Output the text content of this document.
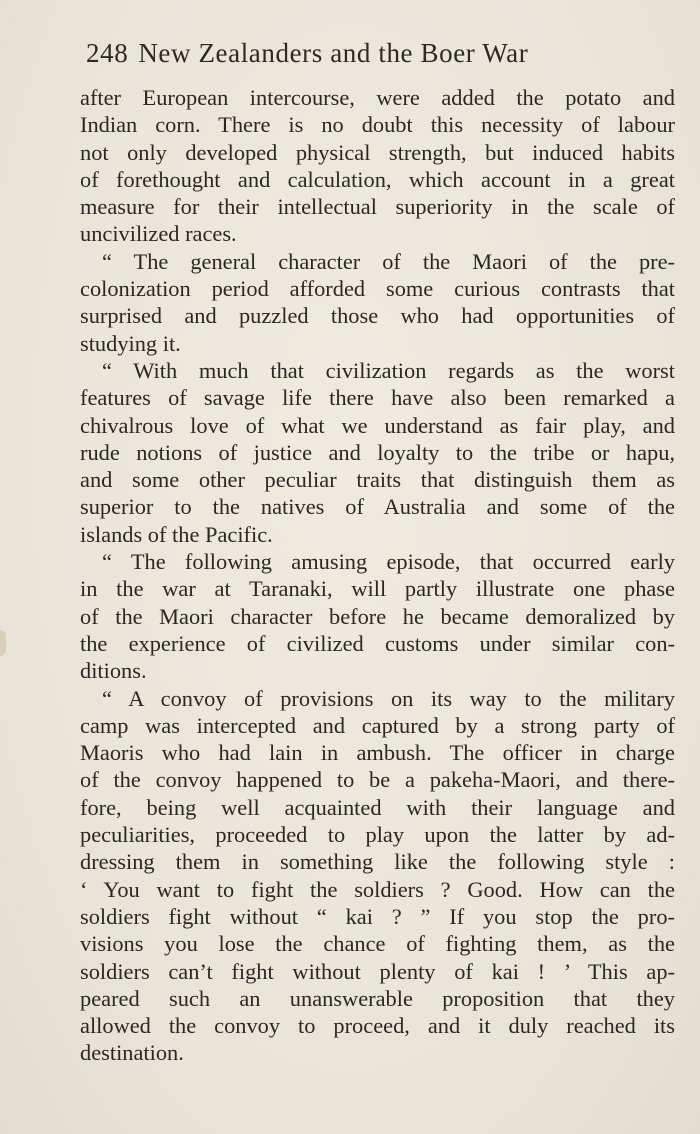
248 New Zealanders and the Boer War
after European intercourse, were added the potato and
Indian corn. There is no doubt this necessity of labour
not only developed physical strength, but induced habits
of forethought and calculation, which account in a great
measure for their intellectual superiority in the scale of
uncivilized races.
“ The general character of the Maori of the pre-
colonization period afforded some curious contrasts that
surprised and puzzled those who had opportunities of
studying it.
“ With much that civilization regards as the worst
features of savage life there have also been remarked a
chivalrous love of what we understand as fair play, and
rude notions of justice and loyalty to the tribe or hapu,
and some other peculiar traits that distinguish them as
superior to the natives of Australia and some of the
islands of the Pacific.
“ The following amusing episode, that occurred early
in the war at Taranaki, will partly illustrate one phase
of the Maori character before he became demoralized by
the experience of civilized customs under similar con-
ditions.
“ A convoy of provisions on its way to the military
camp was intercepted and captured by a strong party of
Maoris who had lain in ambush. The officer in charge
of the convoy happened to be a pakeha-Maori, and there-
fore, being well acquainted with their language and
peculiarities, proceeded to play upon the latter by ad-
dressing them in something like the following style :
‘ You want to fight the soldiers ? Good. How can the
soldiers fight without “ kai ? ” If you stop the pro-
visions you lose the chance of fighting them, as the
soldiers can’t fight without plenty of kai ! ’ This ap-
peared such an unanswerable proposition that they
allowed the convoy to proceed, and it duly reached its
destination.
